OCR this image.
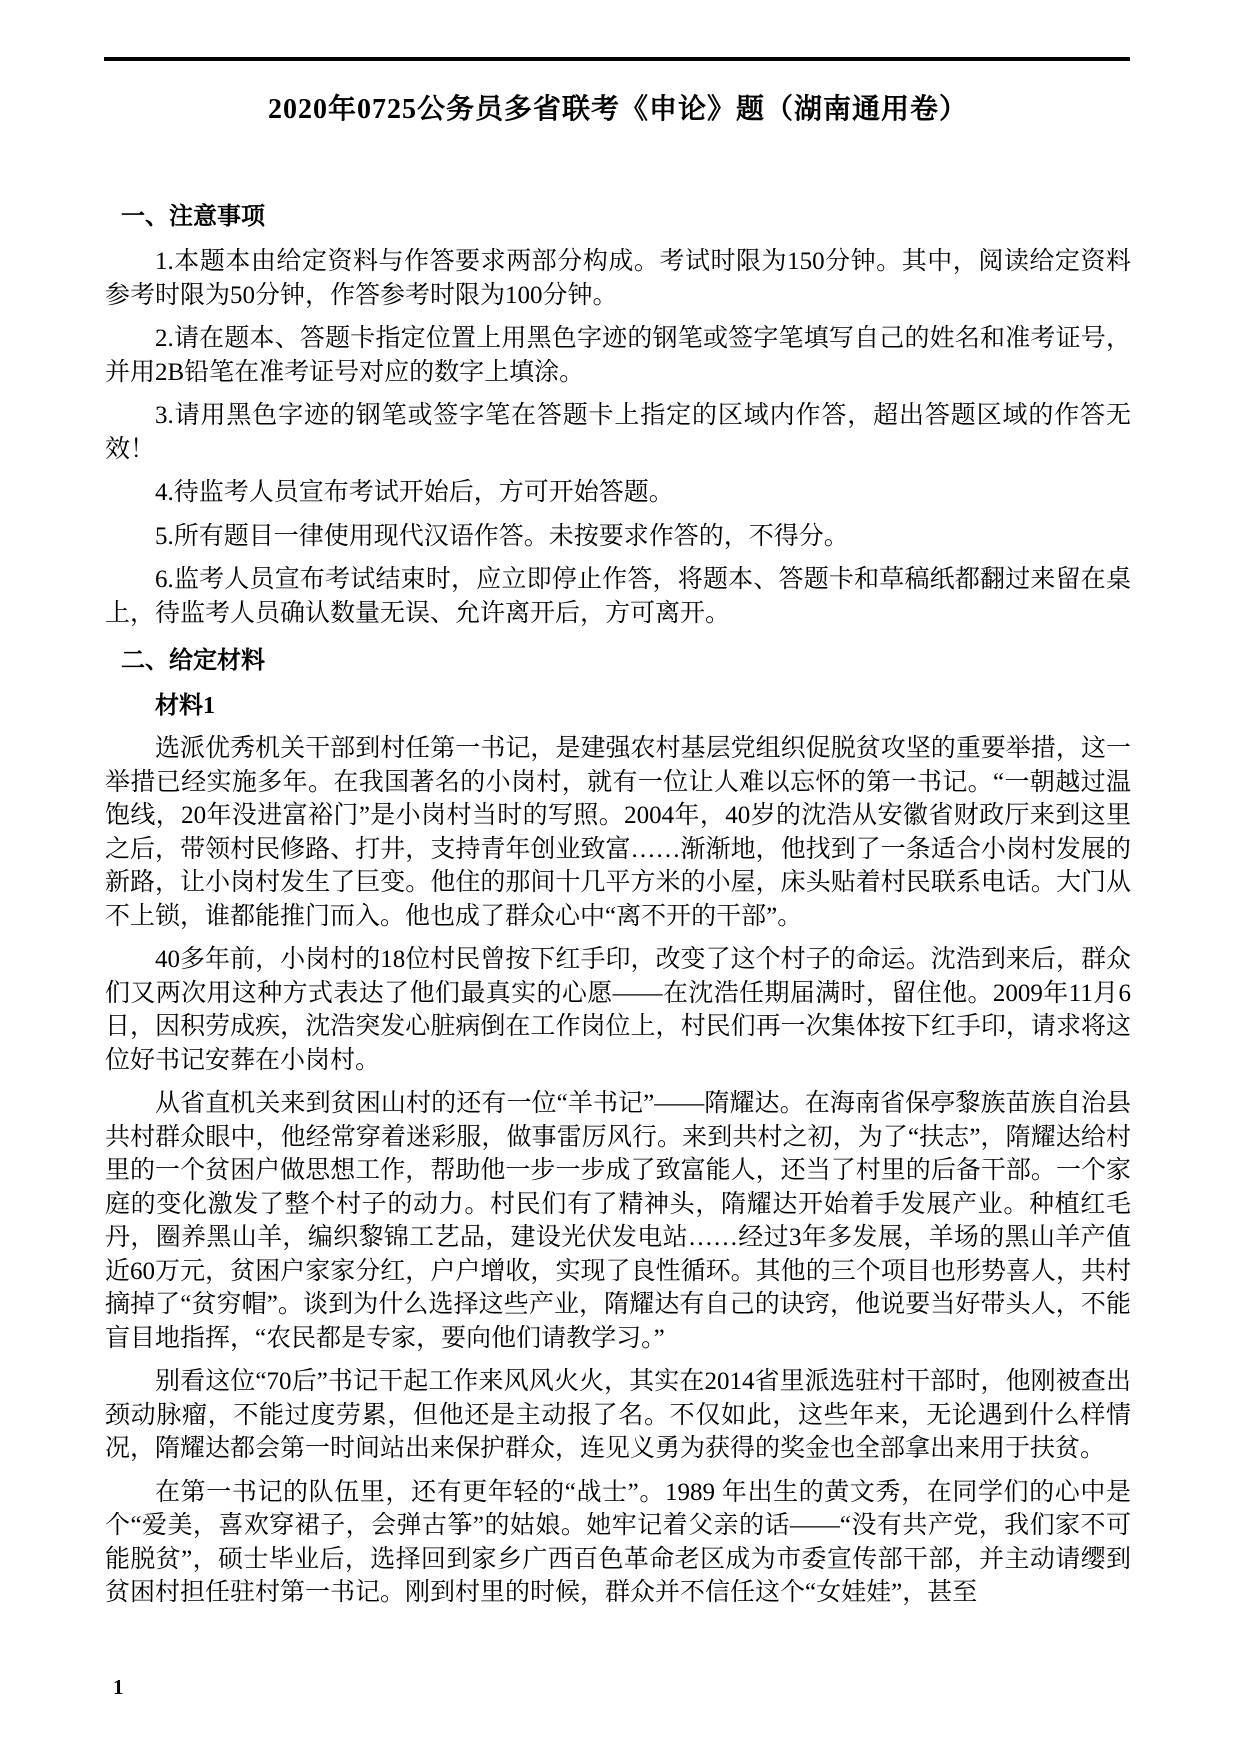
2020年0725公务员多省联考《申论》题（湖南通用卷）
一、注意事项

1.本题本由给定资料与作答要求两部分构成。考试时限为150分钟。其中，阅读给定资料参考时限为50分钟，作答参考时限为100分钟。

2.请在题本、答题卡指定位置上用黑色字迹的钢笔或签字笔填写自己的姓名和准考证号，并用2B铅笔在准考证号对应的数字上填涂。

3.请用黑色字迹的钢笔或签字笔在答题卡上指定的区域内作答，超出答题区域的作答无效！

4.待监考人员宣布考试开始后，方可开始答题。

5.所有题目一律使用现代汉语作答。未按要求作答的，不得分。

6.监考人员宣布考试结束时，应立即停止作答，将题本、答题卡和草稿纸都翻过来留在桌上，待监考人员确认数量无误、允许离开后，方可离开。

二、给定材料
材料1

选派优秀机关干部到村任第一书记，是建强农村基层党组织促脱贫攻坚的重要举措，这一举措已经实施多年。在我国著名的小岗村，就有一位让人难以忘怀的第一书记。“一朝越过温饱线，20年没进富裕门”是小岗村当时的写照。2004年，40岁的沈浩从安徽省财政厅来到这里之后，带领村民修路、打井，支持青年创业致富……渐渐地，他找到了一条适合小岗村发展的新路，让小岗村发生了巨变。他住的那间十几平方米的小屋，床头贴着村民联系电话。大门从不上锁，谁都能推门而入。他也成了群众心中“离不开的干部”。

40多年前，小岗村的18位村民曾按下红手印，改变了这个村子的命运。沈浩到来后，群众们又两次用这种方式表达了他们最真实的心愿——在沈浩任期届满时，留住他。2009年11月6日，因积劳成疾，沈浩突发心脏病倒在工作岗位上，村民们再一次集体按下红手印，请求将这位好书记安葬在小岗村。

从省直机关来到贫困山村的还有一位“羊书记”——隋耀达。在海南省保亭黎族苗族自治县共村群众眼中，他经常穿着迷彩服，做事雷厉风行。来到共村之初，为了“扶志”，隋耀达给村里的一个贫困户做思想工作，帮助他一步一步成了致富能人，还当了村里的后备干部。一个家庭的变化激发了整个村子的动力。村民们有了精神头，隋耀达开始着手发展产业。种植红毛丹，圈养黑山羊，编织黎锦工艺品，建设光伏发电站……经过3年多发展，羊场的黑山羊产值近60万元，贫困户家家分红，户户增收，实现了良性循环。其他的三个项目也形势喜人，共村摘掉了“贫穷帽”。谈到为什么选择这些产业，隋耀达有自己的诀窍，他说要当好带头人，不能盲目地指挥，“农民都是专家，要向他们请教学习。”

别看这位“70后”书记干起工作来风风火火，其实在2014省里派选驻村干部时，他刚被查出颈动脉瘤，不能过度劳累，但他还是主动报了名。不仅如此，这些年来，无论遇到什么样情况，隋耀达都会第一时间站出来保护群众，连见义勇为获得的奖金也全部拿出来用于扶贫。

在第一书记的队伍里，还有更年轻的“战士”。1989 年出生的黄文秀，在同学们的心中是个“爱美，喜欢穿裙子，会弹古筝”的姑娘。她牢记着父亲的话——“没有共产党，我们家不可能脱贫”，硕士毕业后，选择回到家乡广西百色革命老区成为市委宣传部干部，并主动请缨到贫困村担任驻村第一书记。刚到村里的时候，群众并不信任这个“女娃娃”，甚至

1
